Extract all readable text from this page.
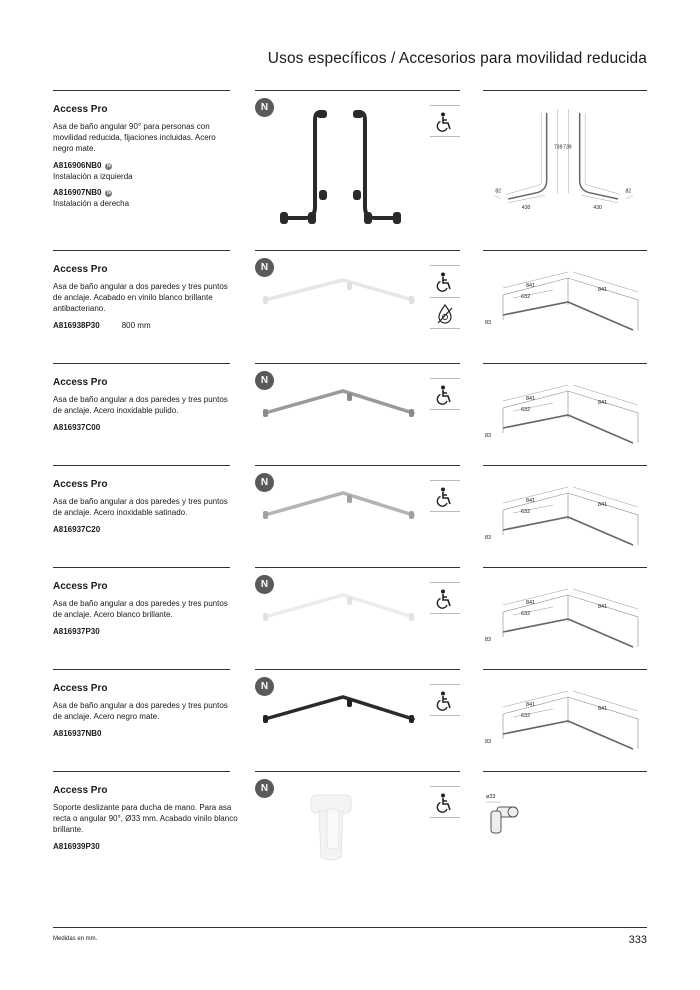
Usos específicos / Accesorios para movilidad reducida
Access Pro
Asa de baño angular 90° para personas con movilidad reducida, fijaciones incluidas. Acero negro mate.
A816906NB0 N
Instalación a izquierda
A816907NB0 N
Instalación a derecha
N
739 739
82	82
430	430
Access Pro
Asa de baño angular a dos paredes y tres puntos de anclaje. Acabado en vinilo blanco brillante antibacteriano.
A816938P30	800 mm
N
841
841
632
83
Access Pro
Asa de baño angular a dos paredes y tres puntos de anclaje. Acero inoxidable pulido.
A816937C00
N
841
841
632
83
Access Pro
Asa de baño angular a dos paredes y tres puntos de anclaje. Acero inoxidable satinado.
A816937C20
N
841
841
632
83
Access Pro
Asa de baño angular a dos paredes y tres puntos de anclaje. Acero blanco brillante.
A816937P30
N
841
841
632
83
Access Pro
Asa de baño angular a dos paredes y tres puntos de anclaje. Acero negro mate.
A816937NB0
N
841
841
632
83
Access Pro
Soporte deslizante para ducha de mano. Para asa recta o angular 90°, Ø33 mm. Acabado vinilo blanco brillante.
A816939P30
N
ø33
Medidas en mm.	333
